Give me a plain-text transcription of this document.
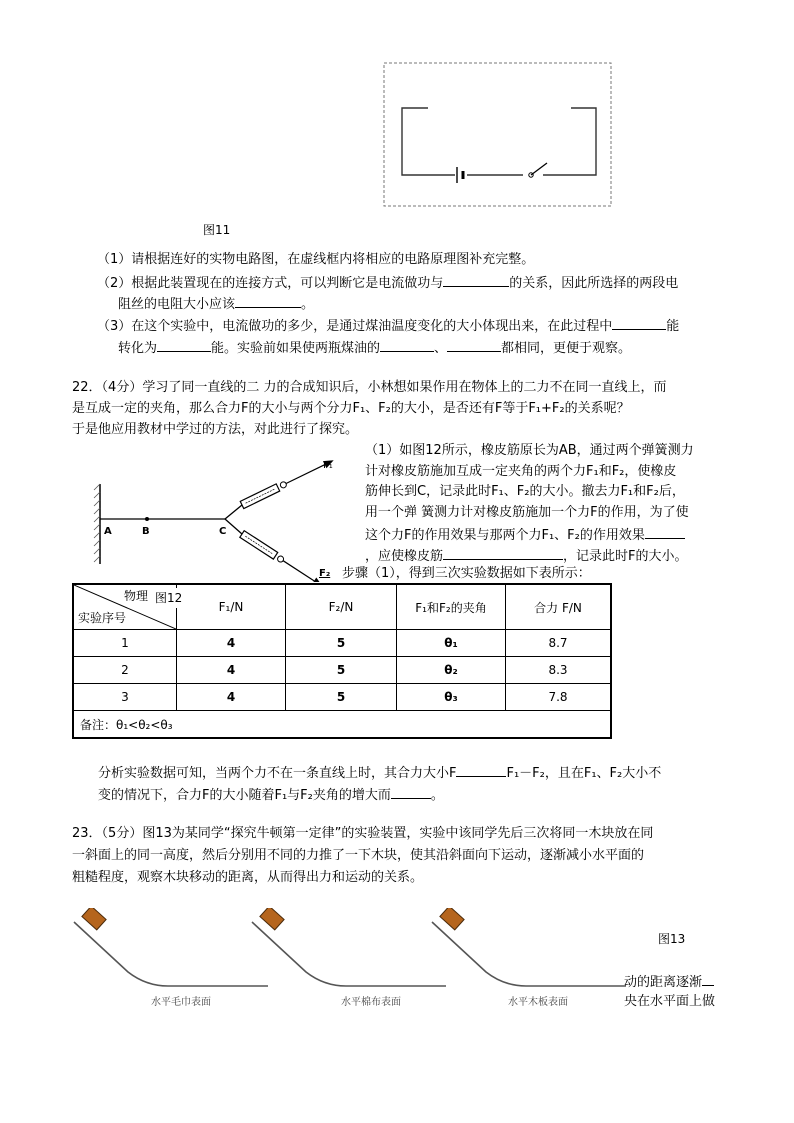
图11
（1）请根据连好的实物电路图，在虚线框内将相应的电路原理图补充完整。
（2）根据此装置现在的连接方式，可以判断它是电流做功与	的关系，因此所选择的两段电
阻丝的电阻大小应该	。
（3）在这个实验中，电流做功的多少，是通过煤油温度变化的大小体现出来，在此过程中	能
转化为	能。实验前如果使两瓶煤油的	、	都相同，更便于观察。
22．（4分）学习了同一直线的二 力的合成知识后，小林想如果作用在物体上的二力不在同一直线上，而
是互成一定的夹角，那么合力F的大小与两个分力F₁、F₂的大小，是否还有F等于F₁+F₂的关系呢？
于是他应用教材中学过的方法，对此进行了探究。
F₁
A	B	C
（1）如图12所示，橡皮筋原长为AB，通过两个弹簧测力
计对橡皮筋施加互成一定夹角的两个力F₁和F₂，使橡皮
筋伸长到C，记录此时F₁、F₂的大小。撤去力F₁和F₂后，
用一个弹 簧测力计对橡皮筋施加一个力F的作用，为了使
这个力F的作用效果与那两个力F₁、F₂的作用效果
，应使橡皮筋	，记录此时F的大小。
F₂ 步骤（1），得到三次实验数据如下表所示：
物理
实验序号	F₁/N	F₂/N	F₁和F₂的夹角	合力 F/N
1	4	5	θ₁	8.7
2	4	5	θ₂	8.3
3	4	5	θ₃	7.8
备注：θ₁<θ₂<θ₃				
图12
分析实验数据可知，当两个力不在一条直线上时，其合力大小F	F₁－F₂，且在F₁、F₂大小不
变的情况下，合力F的大小随着F₁与F₂夹角的增大而	。
23．（5分）图13为某同学“探究牛顿第一定律”的实验装置，实验中该同学先后三次将同一木块放在同
一斜面上的同一高度，然后分别用不同的力推了一下木块，使其沿斜面向下运动，逐渐减小水平面的
粗糙程度，观察木块移动的距离，从而得出力和运动的关系。
水平毛巾表面	水平棉布表面	水平木板表面
图13
动的距离逐渐
央在水平面上做
